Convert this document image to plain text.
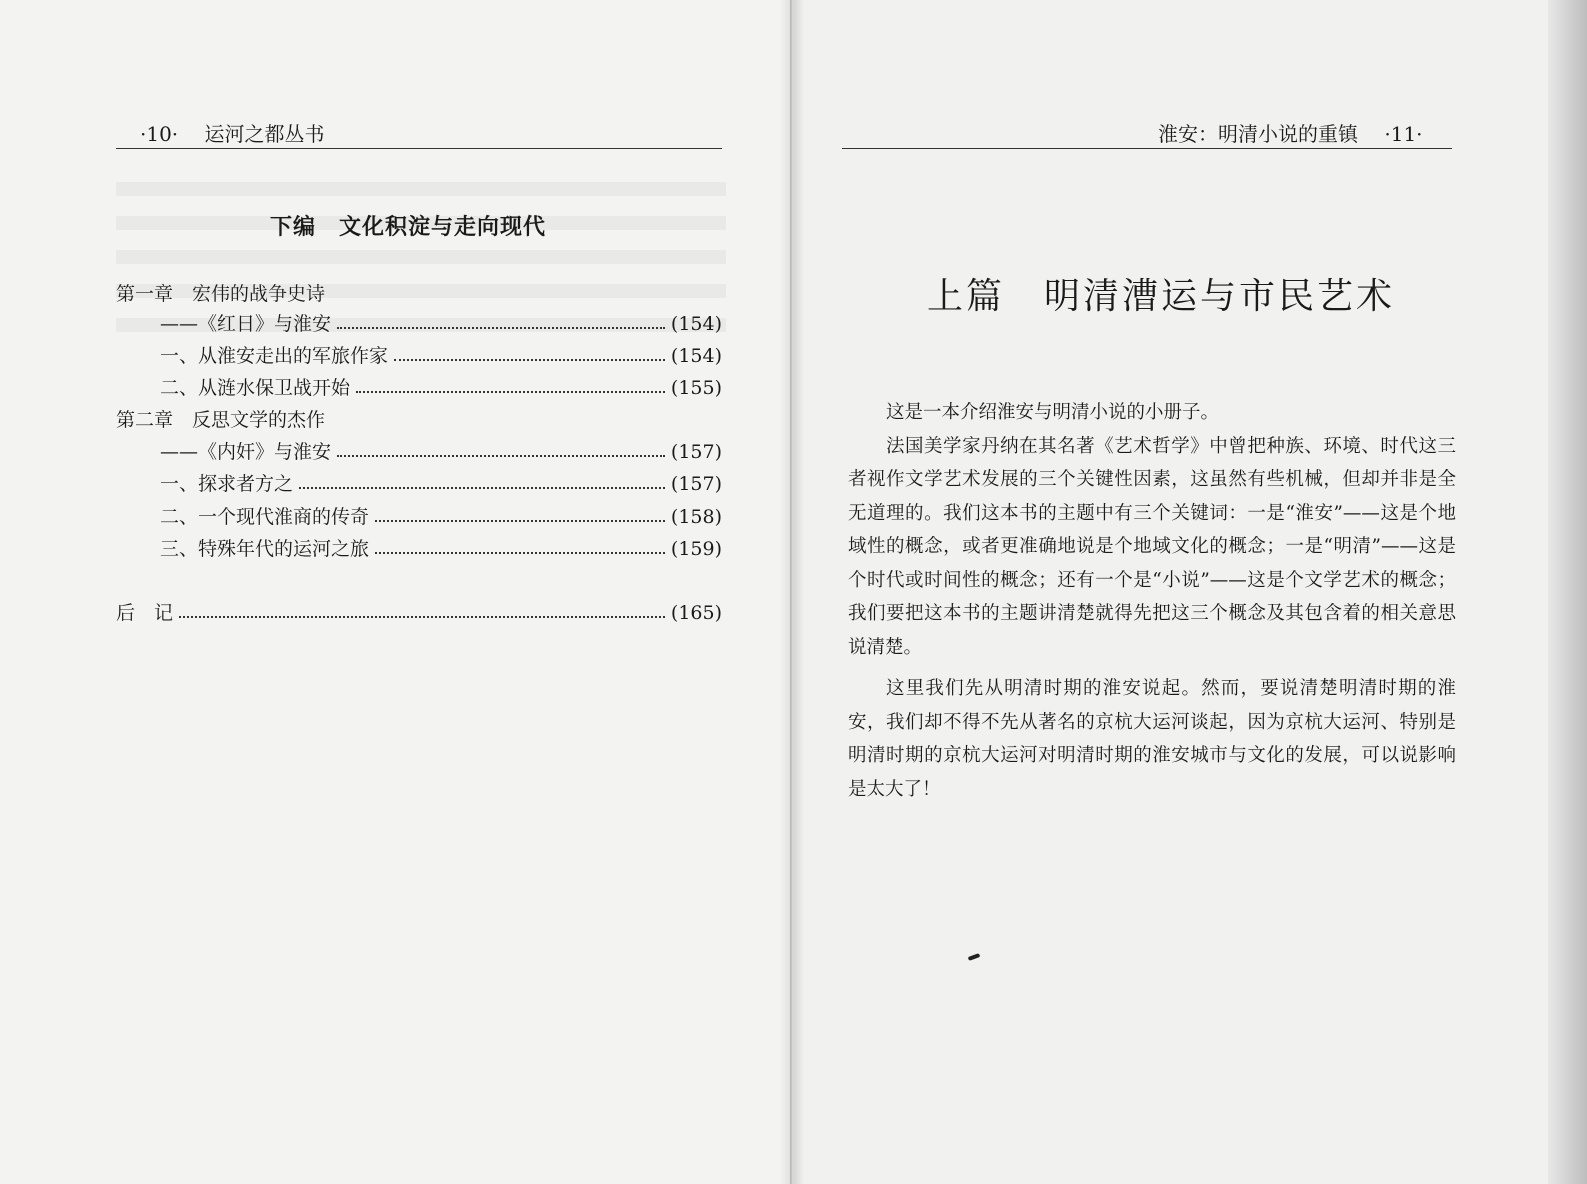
·10· 运河之都丛书	淮安：明清小说的重镇 ·11·
下编　文化积淀与走向现代
第一章　宏伟的战争史诗
——《红日》与淮安	(154)
一、从淮安走出的军旅作家	(154)
二、从涟水保卫战开始	(155)
第二章　反思文学的杰作
——《内奸》与淮安	(157)
一、探求者方之	(157)
二、一个现代淮商的传奇	(158)
三、特殊年代的运河之旅	(159)
后　记	(165)
上篇　明清漕运与市民艺术

这是一本介绍淮安与明清小说的小册子。

法国美学家丹纳在其名著《艺术哲学》中曾把种族、环境、时代这三者视作文学艺术发展的三个关键性因素，这虽然有些机械，但却并非是全无道理的。我们这本书的主题中有三个关键词：一是“淮安”——这是个地域性的概念，或者更准确地说是个地域文化的概念；一是“明清”——这是个时代或时间性的概念；还有一个是“小说”——这是个文学艺术的概念；我们要把这本书的主题讲清楚就得先把这三个概念及其包含着的相关意思说清楚。

这里我们先从明清时期的淮安说起。然而，要说清楚明清时期的淮安，我们却不得不先从著名的京杭大运河谈起，因为京杭大运河、特别是明清时期的京杭大运河对明清时期的淮安城市与文化的发展，可以说影响是太大了！
